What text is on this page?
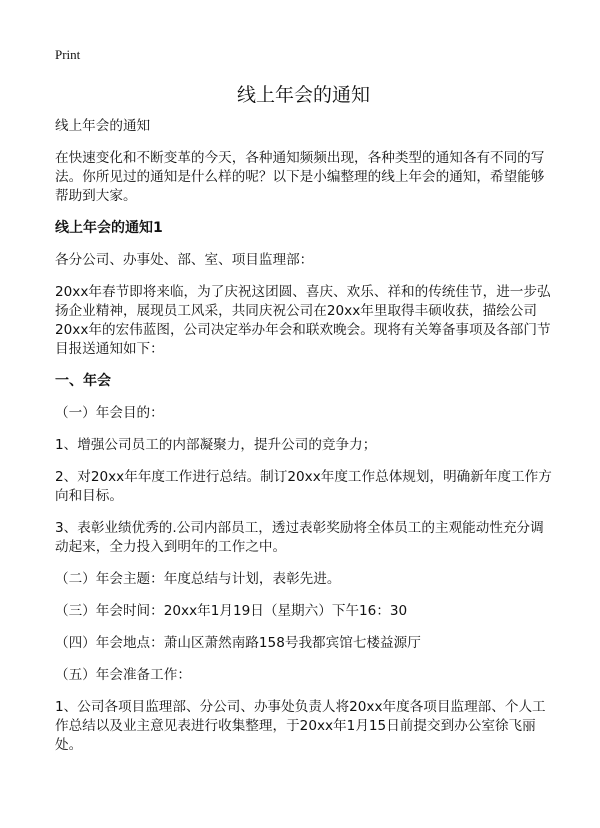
Print
线上年会的通知

线上年会的通知

在快速变化和不断变革的今天，各种通知频频出现，各种类型的通知各有不同的写法。你所见过的通知是什么样的呢？以下是小编整理的线上年会的通知，希望能够帮助到大家。

线上年会的通知1

各分公司、办事处、部、室、项目监理部：

20xx年春节即将来临，为了庆祝这团圆、喜庆、欢乐、祥和的传统佳节，进一步弘扬企业精神，展现员工风采，共同庆祝公司在20xx年里取得丰硕收获，描绘公司20xx年的宏伟蓝图，公司决定举办年会和联欢晚会。现将有关筹备事项及各部门节目报送通知如下：

一、年会

（一）年会目的：

1、增强公司员工的内部凝聚力，提升公司的竞争力；

2、对20xx年年度工作进行总结。制订20xx年度工作总体规划，明确新年度工作方向和目标。

3、表彰业绩优秀的.公司内部员工，透过表彰奖励将全体员工的主观能动性充分调动起来，全力投入到明年的工作之中。

（二）年会主题：年度总结与计划，表彰先进。

（三）年会时间：20xx年1月19日（星期六）下午16：30

（四）年会地点：萧山区萧然南路158号我都宾馆七楼益源厅

（五）年会准备工作：

1、公司各项目监理部、分公司、办事处负责人将20xx年度各项目监理部、个人工作总结以及业主意见表进行收集整理，于20xx年1月15日前提交到办公室徐飞丽处。
